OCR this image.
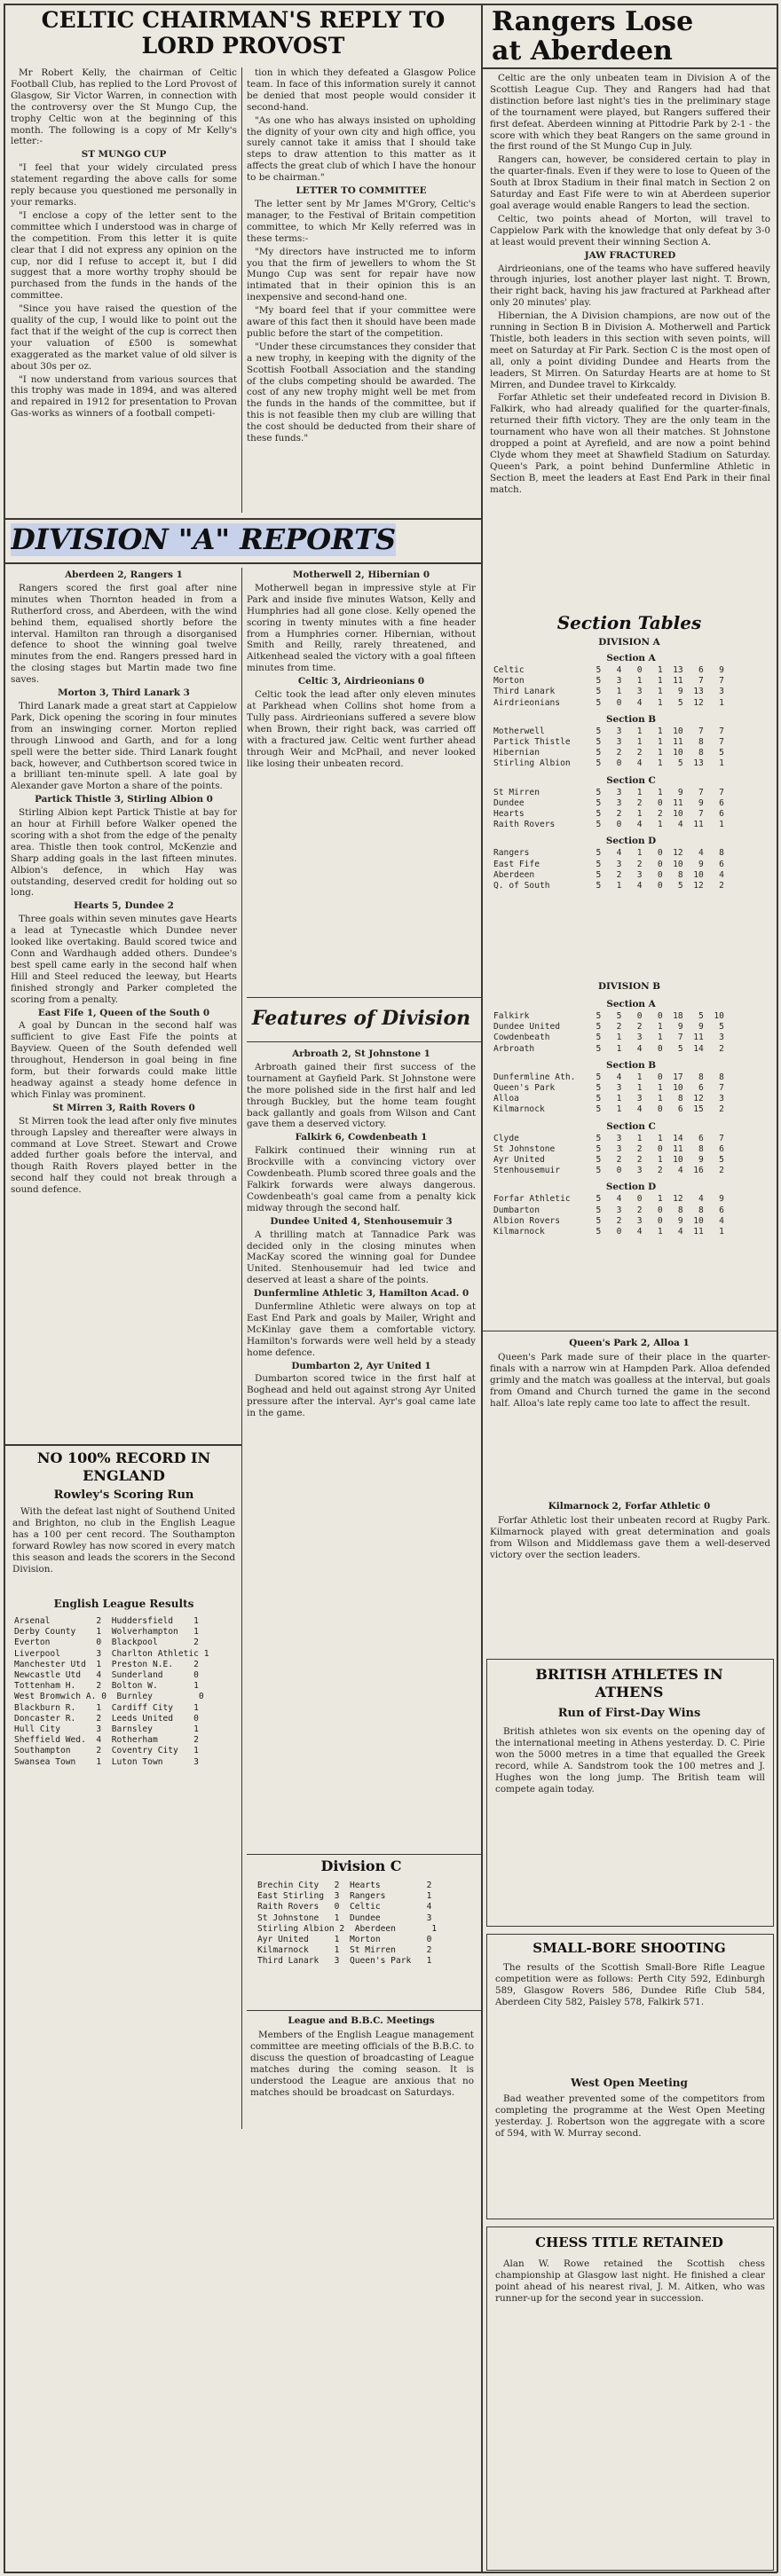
CELTIC CHAIRMAN'S REPLY TO LORD PROVOST

Mr Robert Kelly, the chairman of Celtic Football Club, has replied to the Lord Provost of Glasgow, Sir Victor Warren, in connection with the controversy over the St Mungo Cup, the trophy Celtic won at the beginning of this month. The following is a copy of Mr Kelly's letter:-

ST MUNGO CUP

"I feel that your widely circulated press statement regarding the above calls for some reply because you questioned me personally in your remarks.

"I enclose a copy of the letter sent to the committee which I understood was in charge of the competition. From this letter it is quite clear that I did not express any opinion on the cup, nor did I refuse to accept it, but I did suggest that a more worthy trophy should be purchased from the funds in the hands of the committee.

"Since you have raised the question of the quality of the cup, I would like to point out the fact that if the weight of the cup is correct then your valuation of £500 is somewhat exaggerated as the market value of old silver is about 30s per oz.

"I now understand from various sources that this trophy was made in 1894, and was altered and repaired in 1912 for presentation to Provan Gas-works as winners of a football competi-

tion in which they defeated a Glasgow Police team. In face of this information surely it cannot be denied that most people would consider it second-hand.

"As one who has always insisted on upholding the dignity of your own city and high office, you surely cannot take it amiss that I should take steps to draw attention to this matter as it affects the great club of which I have the honour to be chairman."

LETTER TO COMMITTEE

The letter sent by Mr James M'Grory, Celtic's manager, to the Festival of Britain competition committee, to which Mr Kelly referred was in these terms:-

"My directors have instructed me to inform you that the firm of jewellers to whom the St Mungo Cup was sent for repair have now intimated that in their opinion this is an inexpensive and second-hand one.

"My board feel that if your committee were aware of this fact then it should have been made public before the start of the competition.

"Under these circumstances they consider that a new trophy, in keeping with the dignity of the Scottish Football Association and the standing of the clubs competing should be awarded. The cost of any new trophy might well be met from the funds in the hands of the committee, but if this is not feasible then my club are willing that the cost should be deducted from their share of these funds."

DIVISION "A" REPORTS
Aberdeen 2, Rangers 1

Rangers scored the first goal after nine minutes when Thornton headed in from a Rutherford cross, and Aberdeen, with the wind behind them, equalised shortly before the interval. Hamilton ran through a disorganised defence to shoot the winning goal twelve minutes from the end. Rangers pressed hard in the closing stages but Martin made two fine saves.

Morton 3, Third Lanark 3

Third Lanark made a great start at Cappielow Park, Dick opening the scoring in four minutes from an inswinging corner. Morton replied through Linwood and Garth, and for a long spell were the better side. Third Lanark fought back, however, and Cuthbertson scored twice in a brilliant ten-minute spell. A late goal by Alexander gave Morton a share of the points.

Partick Thistle 3, Stirling Albion 0

Stirling Albion kept Partick Thistle at bay for an hour at Firhill before Walker opened the scoring with a shot from the edge of the penalty area. Thistle then took control, McKenzie and Sharp adding goals in the last fifteen minutes. Albion's defence, in which Hay was outstanding, deserved credit for holding out so long.

Hearts 5, Dundee 2

Three goals within seven minutes gave Hearts a lead at Tynecastle which Dundee never looked like overtaking. Bauld scored twice and Conn and Wardhaugh added others. Dundee's best spell came early in the second half when Hill and Steel reduced the leeway, but Hearts finished strongly and Parker completed the scoring from a penalty.

East Fife 1, Queen of the South 0

A goal by Duncan in the second half was sufficient to give East Fife the points at Bayview. Queen of the South defended well throughout, Henderson in goal being in fine form, but their forwards could make little headway against a steady home defence in which Finlay was prominent.

St Mirren 3, Raith Rovers 0

St Mirren took the lead after only five minutes through Lapsley and thereafter were always in command at Love Street. Stewart and Crowe added further goals before the interval, and though Raith Rovers played better in the second half they could not break through a sound defence.

Motherwell 2, Hibernian 0

Motherwell began in impressive style at Fir Park and inside five minutes Watson, Kelly and Humphries had all gone close. Kelly opened the scoring in twenty minutes with a fine header from a Humphries corner. Hibernian, without Smith and Reilly, rarely threatened, and Aitkenhead sealed the victory with a goal fifteen minutes from time.

Celtic 3, Airdrieonians 0

Celtic took the lead after only eleven minutes at Parkhead when Collins shot home from a Tully pass. Airdrieonians suffered a severe blow when Brown, their right back, was carried off with a fractured jaw. Celtic went further ahead through Weir and McPhail, and never looked like losing their unbeaten record.

Features of Division
Arbroath 2, St Johnstone 1

Arbroath gained their first success of the tournament at Gayfield Park. St Johnstone were the more polished side in the first half and led through Buckley, but the home team fought back gallantly and goals from Wilson and Cant gave them a deserved victory.

Falkirk 6, Cowdenbeath 1

Falkirk continued their winning run at Brockville with a convincing victory over Cowdenbeath. Plumb scored three goals and the Falkirk forwards were always dangerous. Cowdenbeath's goal came from a penalty kick midway through the second half.

Dundee United 4, Stenhousemuir 3

A thrilling match at Tannadice Park was decided only in the closing minutes when MacKay scored the winning goal for Dundee United. Stenhousemuir had led twice and deserved at least a share of the points.

Dunfermline Athletic 3, Hamilton Acad. 0

Dunfermline Athletic were always on top at East End Park and goals by Mailer, Wright and McKinlay gave them a comfortable victory. Hamilton's forwards were well held by a steady home defence.

Dumbarton 2, Ayr United 1

Dumbarton scored twice in the first half at Boghead and held out against strong Ayr United pressure after the interval. Ayr's goal came late in the game.

Division C
Brechin City   2  Hearts         2
East Stirling  3  Rangers        1
Raith Rovers   0  Celtic         4
St Johnstone   1  Dundee         3
Stirling Albion 2  Aberdeen       1
Ayr United     1  Morton         0
Kilmarnock     1  St Mirren      2
Third Lanark   3  Queen's Park   1
League and B.B.C. Meetings

Members of the English League management committee are meeting officials of the B.B.C. to discuss the question of broadcasting of League matches during the coming season. It is understood the League are anxious that no matches should be broadcast on Saturdays.

NO 100% RECORD IN
ENGLAND
Rowley's Scoring Run

With the defeat last night of Southend United and Brighton, no club in the English League has a 100 per cent record. The Southampton forward Rowley has now scored in every match this season and leads the scorers in the Second Division.

English League Results
Arsenal         2  Huddersfield    1
Derby County    1  Wolverhampton   1
Everton         0  Blackpool       2
Liverpool       3  Charlton Athletic 1
Manchester Utd  1  Preston N.E.    2
Newcastle Utd   4  Sunderland      0
Tottenham H.    2  Bolton W.       1
West Bromwich A. 0  Burnley         0
Blackburn R.    1  Cardiff City    1
Doncaster R.    2  Leeds United    0
Hull City       3  Barnsley        1
Sheffield Wed.  4  Rotherham       2
Southampton     2  Coventry City   1
Swansea Town    1  Luton Town      3
Rangers Lose
at Aberdeen

Celtic are the only unbeaten team in Division A of the Scottish League Cup. They and Rangers had had that distinction before last night's ties in the preliminary stage of the tournament were played, but Rangers suffered their first defeat. Aberdeen winning at Pittodrie Park by 2-1 - the score with which they beat Rangers on the same ground in the first round of the St Mungo Cup in July.

Rangers can, however, be considered certain to play in the quarter-finals. Even if they were to lose to Queen of the South at Ibrox Stadium in their final match in Section 2 on Saturday and East Fife were to win at Aberdeen superior goal average would enable Rangers to lead the section.

Celtic, two points ahead of Morton, will travel to Cappielow Park with the knowledge that only defeat by 3-0 at least would prevent their winning Section A.

JAW FRACTURED

Airdrieonians, one of the teams who have suffered heavily through injuries, lost another player last night. T. Brown, their right back, having his jaw fractured at Parkhead after only 20 minutes' play.

Hibernian, the A Division champions, are now out of the running in Section B in Division A. Motherwell and Partick Thistle, both leaders in this section with seven points, will meet on Saturday at Fir Park. Section C is the most open of all, only a point dividing Dundee and Hearts from the leaders, St Mirren. On Saturday Hearts are at home to St Mirren, and Dundee travel to Kirkcaldy.

Forfar Athletic set their undefeated record in Division B. Falkirk, who had already qualified for the quarter-finals, returned their fifth victory. They are the only team in the tournament who have won all their matches. St Johnstone dropped a point at Ayrefield, and are now a point behind Clyde whom they meet at Shawfield Stadium on Saturday. Queen's Park, a point behind Dunfermline Athletic in Section B, meet the leaders at East End Park in their final match.

Section Tables
DIVISION A
Section A
Celtic              5   4   0   1  13   6   9
Morton              5   3   1   1  11   7   7
Third Lanark        5   1   3   1   9  13   3
Airdrieonians       5   0   4   1   5  12   1
Section B
Motherwell          5   3   1   1  10   7   7
Partick Thistle     5   3   1   1  11   8   7
Hibernian           5   2   2   1  10   8   5
Stirling Albion     5   0   4   1   5  13   1
Section C
St Mirren           5   3   1   1   9   7   7
Dundee              5   3   2   0  11   9   6
Hearts              5   2   1   2  10   7   6
Raith Rovers        5   0   4   1   4  11   1
Section D
Rangers             5   4   1   0  12   4   8
East Fife           5   3   2   0  10   9   6
Aberdeen            5   2   3   0   8  10   4
Q. of South         5   1   4   0   5  12   2
DIVISION B
Section A
Falkirk             5   5   0   0  18   5  10
Dundee United       5   2   2   1   9   9   5
Cowdenbeath         5   1   3   1   7  11   3
Arbroath            5   1   4   0   5  14   2
Section B
Dunfermline Ath.    5   4   1   0  17   8   8
Queen's Park        5   3   1   1  10   6   7
Alloa               5   1   3   1   8  12   3
Kilmarnock          5   1   4   0   6  15   2
Section C
Clyde               5   3   1   1  14   6   7
St Johnstone        5   3   2   0  11   8   6
Ayr United          5   2   2   1  10   9   5
Stenhousemuir       5   0   3   2   4  16   2
Section D
Forfar Athletic     5   4   0   1  12   4   9
Dumbarton           5   3   2   0   8   8   6
Albion Rovers       5   2   3   0   9  10   4
Kilmarnock          5   0   4   1   4  11   1
Queen's Park 2, Alloa 1

Queen's Park made sure of their place in the quarter-finals with a narrow win at Hampden Park. Alloa defended grimly and the match was goalless at the interval, but goals from Omand and Church turned the game in the second half. Alloa's late reply came too late to affect the result.

Kilmarnock 2, Forfar Athletic 0

Forfar Athletic lost their unbeaten record at Rugby Park. Kilmarnock played with great determination and goals from Wilson and Middlemass gave them a well-deserved victory over the section leaders.

BRITISH ATHLETES IN
ATHENS
Run of First-Day Wins

British athletes won six events on the opening day of the international meeting in Athens yesterday. D. C. Pirie won the 5000 metres in a time that equalled the Greek record, while A. Sandstrom took the 100 metres and J. Hughes won the long jump. The British team will compete again today.

SMALL-BORE SHOOTING

The results of the Scottish Small-Bore Rifle League competition were as follows: Perth City 592, Edinburgh 589, Glasgow Rovers 586, Dundee Rifle Club 584, Aberdeen City 582, Paisley 578, Falkirk 571.

West Open Meeting

Bad weather prevented some of the competitors from completing the programme at the West Open Meeting yesterday. J. Robertson won the aggregate with a score of 594, with W. Murray second.

CHESS TITLE RETAINED

Alan W. Rowe retained the Scottish chess championship at Glasgow last night. He finished a clear point ahead of his nearest rival, J. M. Aitken, who was runner-up for the second year in succession.
